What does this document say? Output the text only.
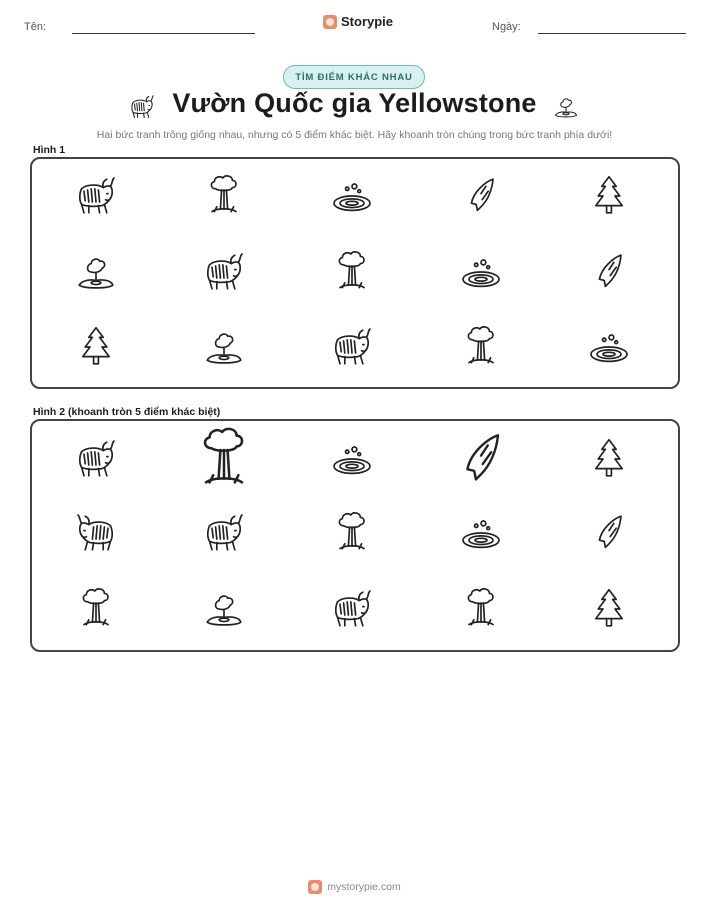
Tên:	Storypie	Ngày:
TÌM ĐIỂM KHÁC NHAU
Vườn Quốc gia Yellowstone
Hai bức tranh trông giống nhau, nhưng có 5 điểm khác biệt. Hãy khoanh tròn chúng trong bức tranh phía dưới!
Hình 1
Hình 2 (khoanh tròn 5 điểm khác biệt)
mystorypie.com
